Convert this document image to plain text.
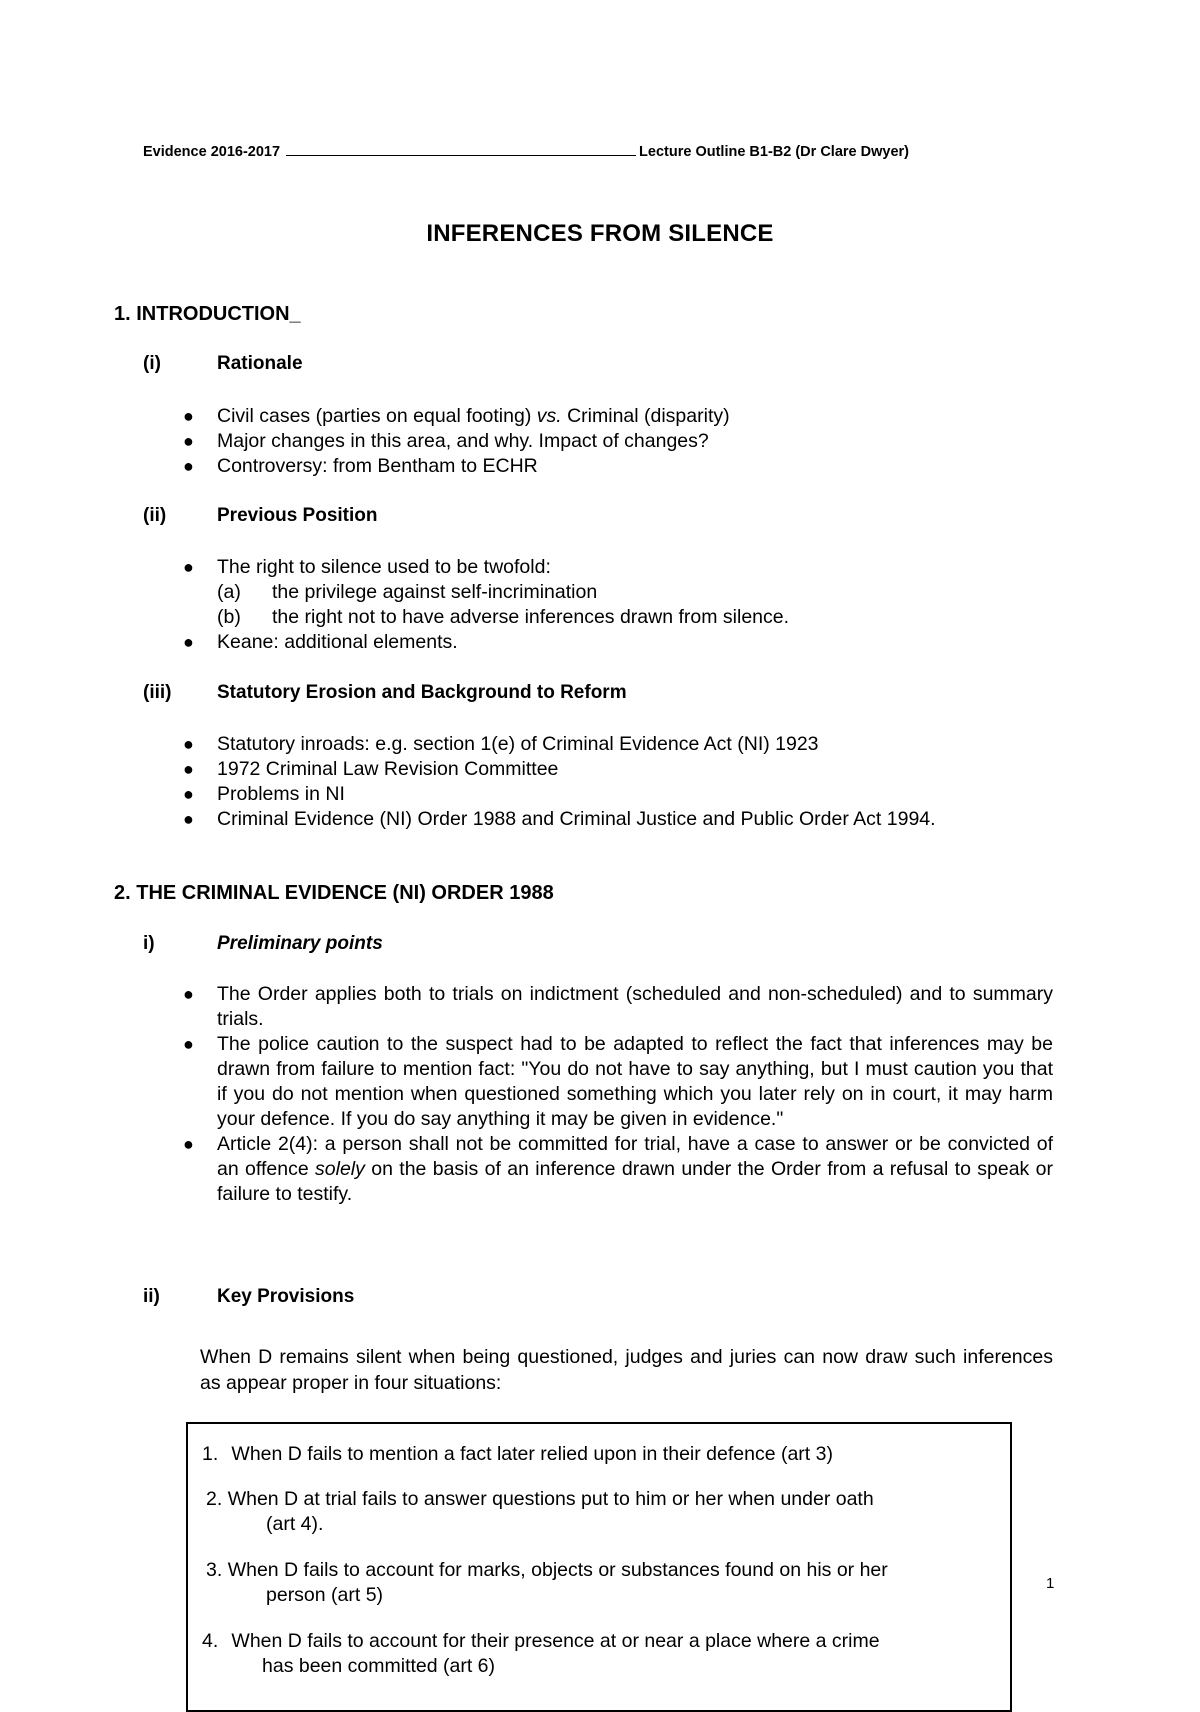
Evidence 2016-2017	Lecture Outline B1-B2 (Dr Clare Dwyer)
INFERENCES FROM SILENCE
1. INTRODUCTION_
(i)	Rationale
● Civil cases (parties on equal footing) vs. Criminal (disparity)
● Major changes in this area, and why. Impact of changes?
● Controversy: from Bentham to ECHR
(ii)	Previous Position
● The right to silence used to be twofold:
(a) the privilege against self-incrimination
(b) the right not to have adverse inferences drawn from silence.
● Keane: additional elements.
(iii) Statutory Erosion and Background to Reform
● Statutory inroads: e.g. section 1(e) of Criminal Evidence Act (NI) 1923
● 1972 Criminal Law Revision Committee
● Problems in NI
● Criminal Evidence (NI) Order 1988 and Criminal Justice and Public Order Act 1994.
2. THE CRIMINAL EVIDENCE (NI) ORDER 1988
i)	Preliminary points
● The Order applies both to trials on indictment (scheduled and non-scheduled) and to summary trials.
● The police caution to the suspect had to be adapted to reflect the fact that inferences may be drawn from failure to mention fact: "You do not have to say anything, but I must caution you that if you do not mention when questioned something which you later rely on in court, it may harm your defence. If you do say anything it may be given in evidence."
● Article 2(4): a person shall not be committed for trial, have a case to answer or be convicted of an offence solely on the basis of an inference drawn under the Order from a refusal to speak or failure to testify.
ii)	Key Provisions
When D remains silent when being questioned, judges and juries can now draw such inferences as appear proper in four situations:
1. When D fails to mention a fact later relied upon in their defence (art 3)
2. When D at trial fails to answer questions put to him or her when under oath
(art 4).
3. When D fails to account for marks, objects or substances found on his or her
person (art 5)
4. When D fails to account for their presence at or near a place where a crime
has been committed (art 6)
1
